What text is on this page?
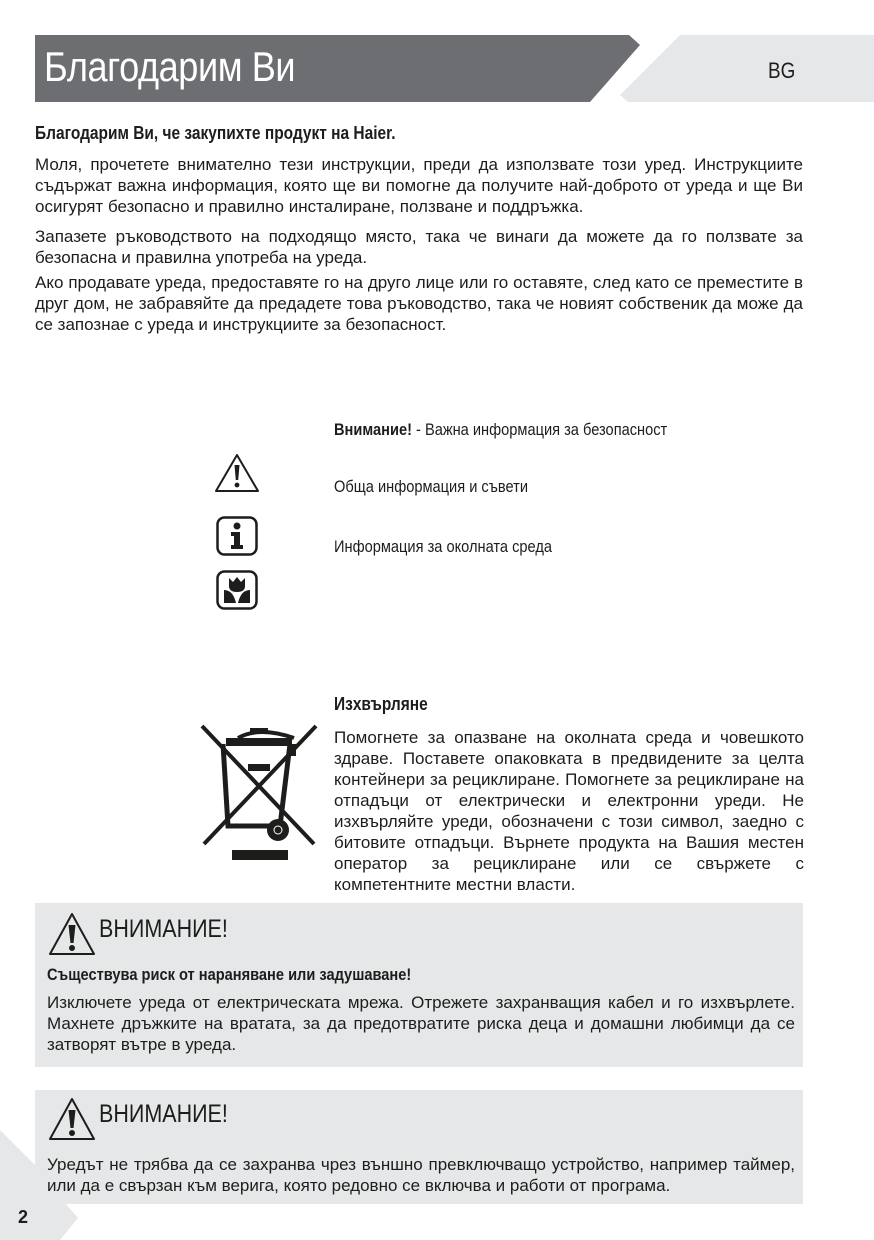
Благодарим Ви	BG
Благодарим Ви, че закупихте продукт на Haier.
Моля, прочетете внимателно тези инструкции, преди да използвате този уред. Инструкциите съдържат важна информация, която ще ви помогне да получите най-доброто от уреда и ще Ви осигурят безопасно и правилно инсталиране, ползване и поддръжка.
Запазете ръководството на подходящо място, така че винаги да можете да го ползвате за безопасна и правилна употреба на уреда.
Ако продавате уреда, предоставяте го на друго лице или го оставяте, след като се преместите в друг дом, не забравяйте да предадете това ръководство, така че новият собственик да може да се запознае с уреда и инструкциите за безопасност.
Внимание! - Важна информация за безопасност
Обща информация и съвети
Информация за околната среда
Изхвърляне
Помогнете за опазване на околната среда и човешкото здраве. Поставете опаковката в предвидените за целта контейнери за рециклиране. Помогнете за рециклиране на отпадъци от електрически и електронни уреди. Не изхвърляйте уреди, обозначени с този символ, заедно с битовите отпадъци. Върнете продукта на Вашия местен оператор за рециклиране или се свържете с компетентните местни власти.
ВНИМАНИЕ!
Съществува риск от нараняване или задушаване!
Изключете уреда от електрическата мрежа. Отрежете захранващия кабел и го изхвърлете. Махнете дръжките на вратата, за да предотвратите риска деца и домашни любимци да се затворят вътре в уреда.
ВНИМАНИЕ!
Уредът не трябва да се захранва чрез външно превключващо устройство, например таймер, или да е свързан към верига, която редовно се включва и работи от програма.
2
